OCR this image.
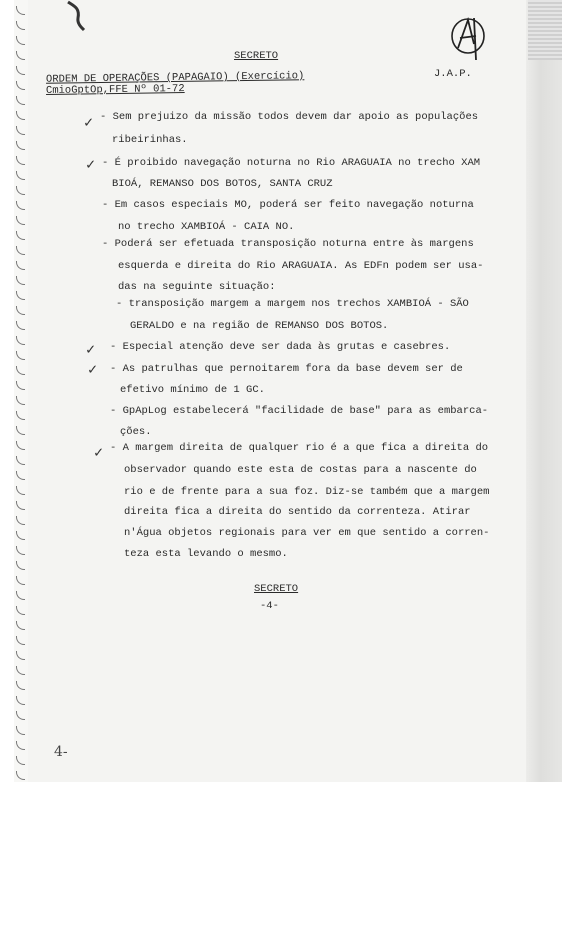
SECRETO
ORDEM DE OPERAÇÕES (PAPAGAIO) (Exercício)
CmioGptOp,FFE Nº 01-72
J.A.P.
✓
✓
✓
✓
✓
- Sem prejuizo da missão todos devem dar apoio as populações
ribeirinhas.
- É proibido navegação noturna no Rio ARAGUAIA no trecho XAM
BIOÁ, REMANSO DOS BOTOS, SANTA CRUZ
- Em casos especiais MO, poderá ser feito navegação noturna
no trecho XAMBIOÁ - CAIA NO.
- Poderá ser efetuada transposição noturna entre às margens
esquerda e direita do Rio ARAGUAIA. As EDFn podem ser usa-
das na seguinte situação:
- transposição margem a margem nos trechos XAMBIOÁ - SÃO
GERALDO e na região de REMANSO DOS BOTOS.
- Especial atenção deve ser dada às grutas e casebres.
- As patrulhas que pernoitarem fora da base devem ser de
efetivo mínimo de 1 GC.
- GpApLog estabelecerá "facilidade de base" para as embarca-
ções.
- A margem direita de qualquer rio é a que fica a direita do
observador quando este esta de costas para a nascente do
rio e de frente para a sua foz. Diz-se também que a margem
direita fica a direita do sentido da correnteza. Atirar
n'Água objetos regionais para ver em que sentido a corren-
teza esta levando o mesmo.
SECRETO
-4-
4-
